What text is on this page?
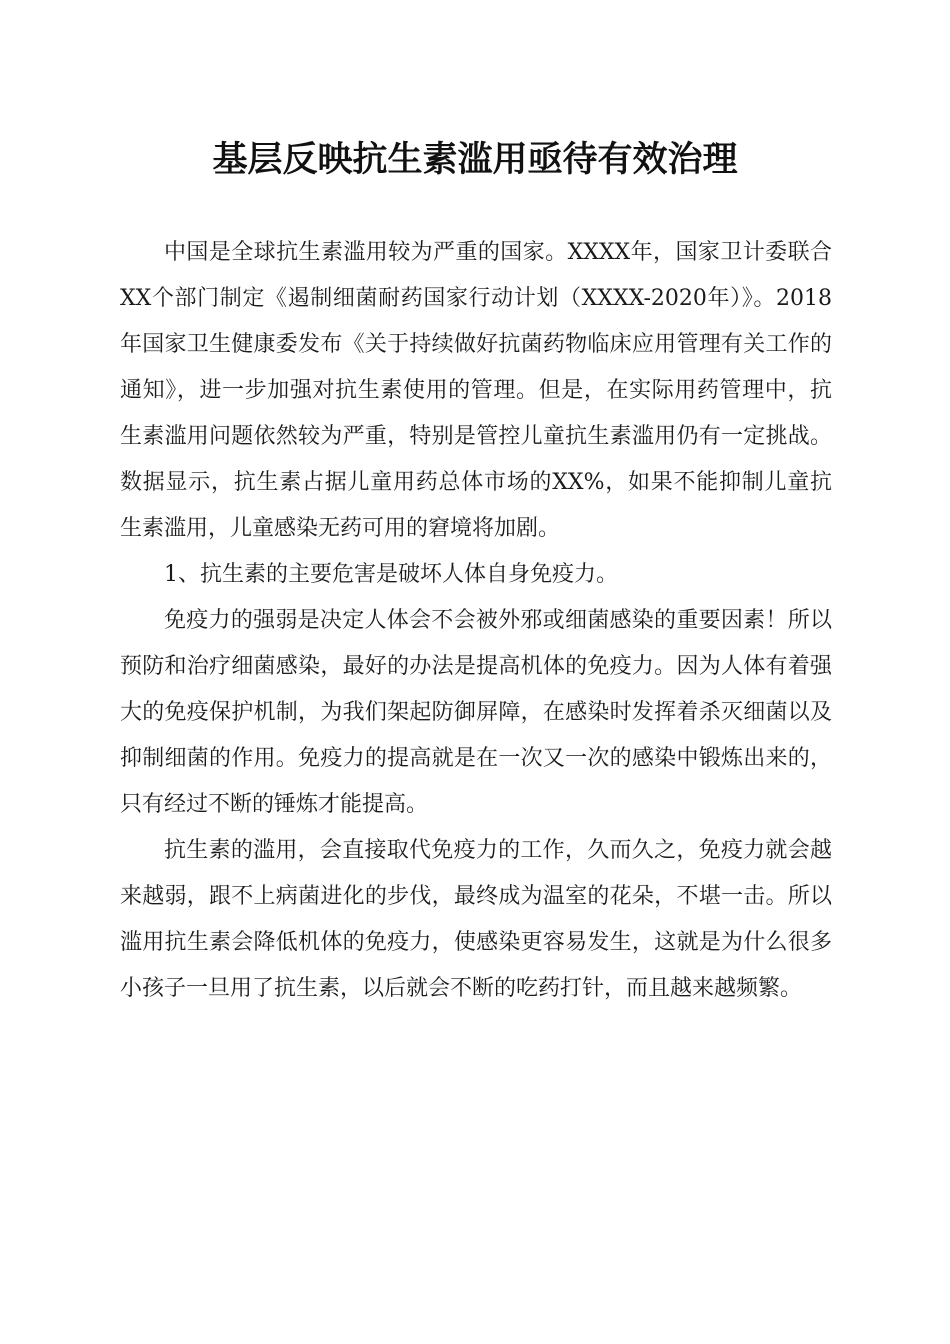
基层反映抗生素滥用亟待有效治理

中国是全球抗生素滥用较为严重的国家。XXXX年，国家卫计委联合XX个部门制定《遏制细菌耐药国家行动计划（XXXX-2020年）》。2018年国家卫生健康委发布《关于持续做好抗菌药物临床应用管理有关工作的通知》，进一步加强对抗生素使用的管理。但是，在实际用药管理中，抗生素滥用问题依然较为严重，特别是管控儿童抗生素滥用仍有一定挑战。数据显示，抗生素占据儿童用药总体市场的XX%，如果不能抑制儿童抗生素滥用，儿童感染无药可用的窘境将加剧。

1、抗生素的主要危害是破坏人体自身免疫力。

免疫力的强弱是决定人体会不会被外邪或细菌感染的重要因素！所以预防和治疗细菌感染，最好的办法是提高机体的免疫力。因为人体有着强大的免疫保护机制，为我们架起防御屏障，在感染时发挥着杀灭细菌以及抑制细菌的作用。免疫力的提高就是在一次又一次的感染中锻炼出来的，只有经过不断的锤炼才能提高。

抗生素的滥用，会直接取代免疫力的工作，久而久之，免疫力就会越来越弱，跟不上病菌进化的步伐，最终成为温室的花朵，不堪一击。所以滥用抗生素会降低机体的免疫力，使感染更容易发生，这就是为什么很多小孩子一旦用了抗生素，以后就会不断的吃药打针，而且越来越频繁。
